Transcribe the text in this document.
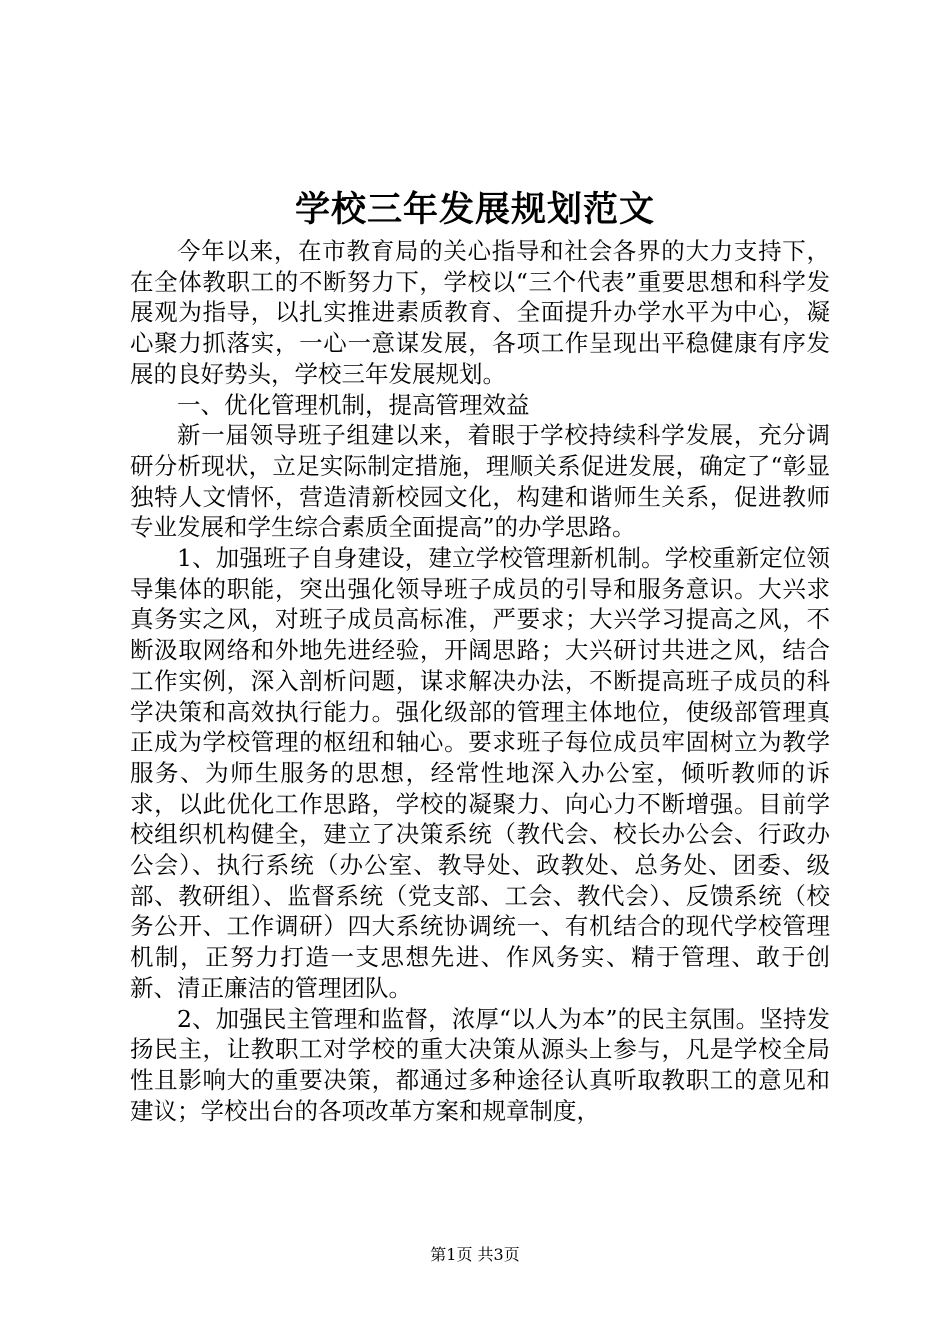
学校三年发展规划范文

今年以来，在市教育局的关心指导和社会各界的大力支持下，在全体教职工的不断努力下，学校以“三个代表”重要思想和科学发展观为指导，以扎实推进素质教育、全面提升办学水平为中心，凝心聚力抓落实，一心一意谋发展，各项工作呈现出平稳健康有序发展的良好势头，学校三年发展规划。

一、优化管理机制，提高管理效益

新一届领导班子组建以来，着眼于学校持续科学发展，充分调研分析现状，立足实际制定措施，理顺关系促进发展，确定了“彰显独特人文情怀，营造清新校园文化，构建和谐师生关系，促进教师专业发展和学生综合素质全面提高”的办学思路。

1、加强班子自身建设，建立学校管理新机制。学校重新定位领导集体的职能，突出强化领导班子成员的引导和服务意识。大兴求真务实之风，对班子成员高标准，严要求；大兴学习提高之风，不断汲取网络和外地先进经验，开阔思路；大兴研讨共进之风，结合工作实例，深入剖析问题，谋求解决办法，不断提高班子成员的科学决策和高效执行能力。强化级部的管理主体地位，使级部管理真正成为学校管理的枢纽和轴心。要求班子每位成员牢固树立为教学服务、为师生服务的思想，经常性地深入办公室，倾听教师的诉求，以此优化工作思路，学校的凝聚力、向心力不断增强。目前学校组织机构健全，建立了决策系统（教代会、校长办公会、行政办公会）、执行系统（办公室、教导处、政教处、总务处、团委、级部、教研组）、监督系统（党支部、工会、教代会）、反馈系统（校务公开、工作调研）四大系统协调统一、有机结合的现代学校管理机制，正努力打造一支思想先进、作风务实、精于管理、敢于创新、清正廉洁的管理团队。

2、加强民主管理和监督，浓厚“以人为本”的民主氛围。坚持发扬民主，让教职工对学校的重大决策从源头上参与，凡是学校全局性且影响大的重要决策，都通过多种途径认真听取教职工的意见和建议；学校出台的各项改革方案和规章制度，

第1页 共3页
